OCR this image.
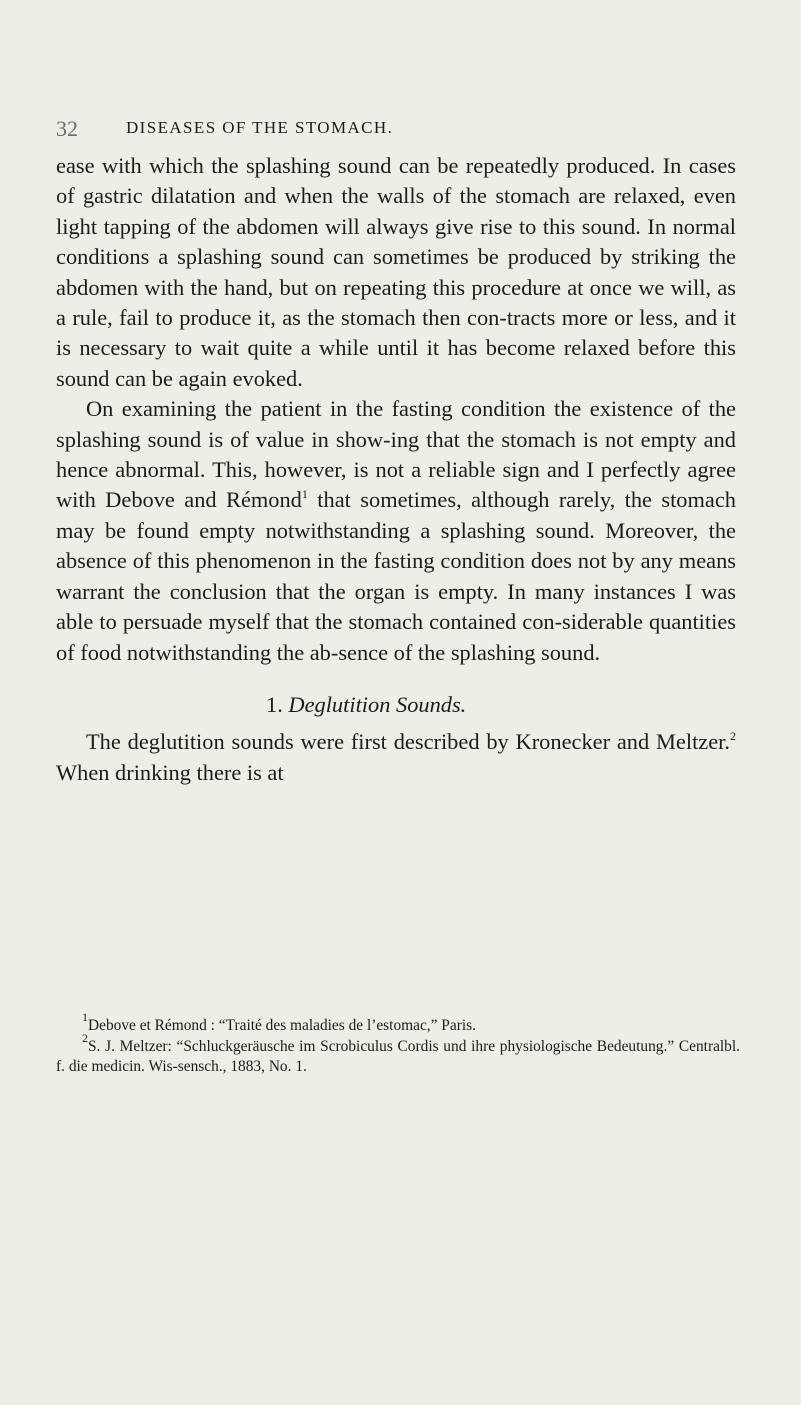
32	DISEASES OF THE STOMACH.

ease with which the splashing sound can be repeatedly produced. In cases of gastric dilatation and when the walls of the stomach are relaxed, even light tapping of the abdomen will always give rise to this sound. In normal conditions a splashing sound can sometimes be produced by striking the abdomen with the hand, but on repeating this procedure at once we will, as a rule, fail to produce it, as the stomach then con-tracts more or less, and it is necessary to wait quite a while until it has become relaxed before this sound can be again evoked.

On examining the patient in the fasting condition the existence of the splashing sound is of value in show-ing that the stomach is not empty and hence abnormal. This, however, is not a reliable sign and I perfectly agree with Debove and Rémond$^1$ that sometimes, although rarely, the stomach may be found empty notwithstanding a splashing sound. Moreover, the absence of this phenomenon in the fasting condition does not by any means warrant the conclusion that the organ is empty. In many instances I was able to persuade myself that the stomach contained con-siderable quantities of food notwithstanding the ab-sence of the splashing sound.

1. Deglutition Sounds.

The deglutition sounds were first described by Kronecker and Meltzer.$^2$ When drinking there is at

$^1$Debove et Rémond : “Traité des maladies de l’estomac,” Paris.

$^2$S. J. Meltzer: “Schluckgeräusche im Scrobiculus Cordis und ihre physiologische Bedeutung.” Centralbl. f. die medicin. Wis-sensch., 1883, No. 1.
